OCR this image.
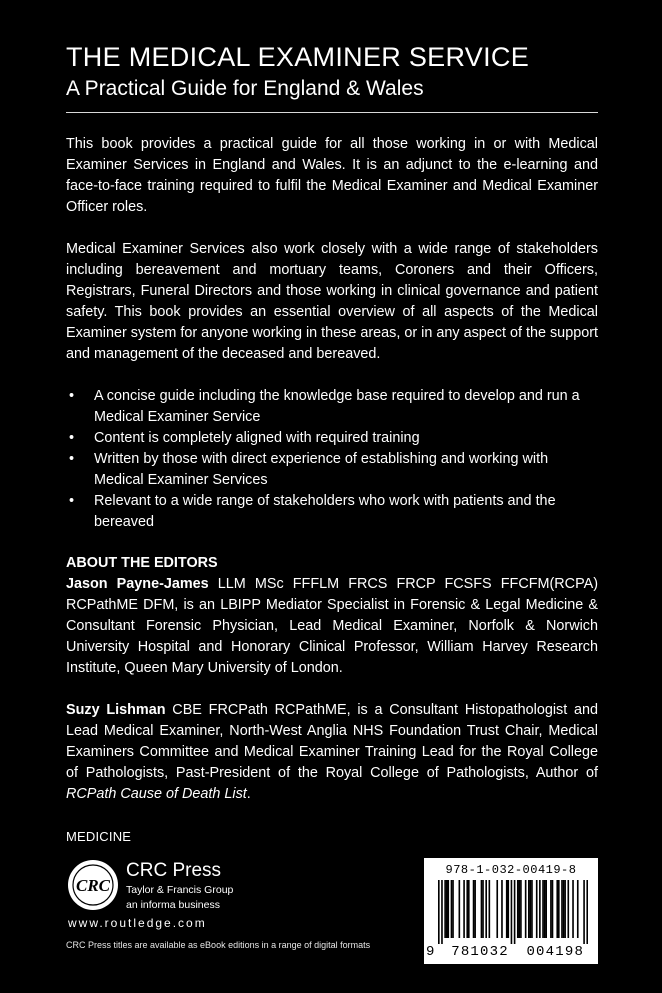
THE MEDICAL EXAMINER SERVICE
A Practical Guide for England & Wales

This book provides a practical guide for all those working in or with Medical Examiner Services in England and Wales. It is an adjunct to the e-learning and face-to-face training required to fulfil the Medical Examiner and Medical Examiner Officer roles.

Medical Examiner Services also work closely with a wide range of stakeholders including bereavement and mortuary teams, Coroners and their Officers, Registrars, Funeral Directors and those working in clinical governance and patient safety. This book provides an essential overview of all aspects of the Medical Examiner system for anyone working in these areas, or in any aspect of the support and management of the deceased and bereaved.

• A concise guide including the knowledge base required to develop and run a Medical Examiner Service
• Content is completely aligned with required training
• Written by those with direct experience of establishing and working with Medical Examiner Services
• Relevant to a wide range of stakeholders who work with patients and the bereaved
ABOUT THE EDITORS

Jason Payne-James LLM MSc FFFLM FRCS FRCP FCSFS FFCFM(RCPA) RCPathME DFM, is an LBIPP Mediator Specialist in Forensic & Legal Medicine & Consultant Forensic Physician, Lead Medical Examiner, Norfolk & Norwich University Hospital and Honorary Clinical Professor, William Harvey Research Institute, Queen Mary University of London.

Suzy Lishman CBE FRCPath RCPathME, is a Consultant Histopathologist and Lead Medical Examiner, North-West Anglia NHS Foundation Trust Chair, Medical Examiners Committee and Medical Examiner Training Lead for the Royal College of Pathologists, Past-President of the Royal College of Pathologists, Author of RCPath Cause of Death List.

MEDICINE
CRC
CRC Press
Taylor & Francis Group
an informa business
www.routledge.com
CRC Press titles are available as eBook editions in a range of digital formats
978-1-032-00419-8
9 781032 004198
